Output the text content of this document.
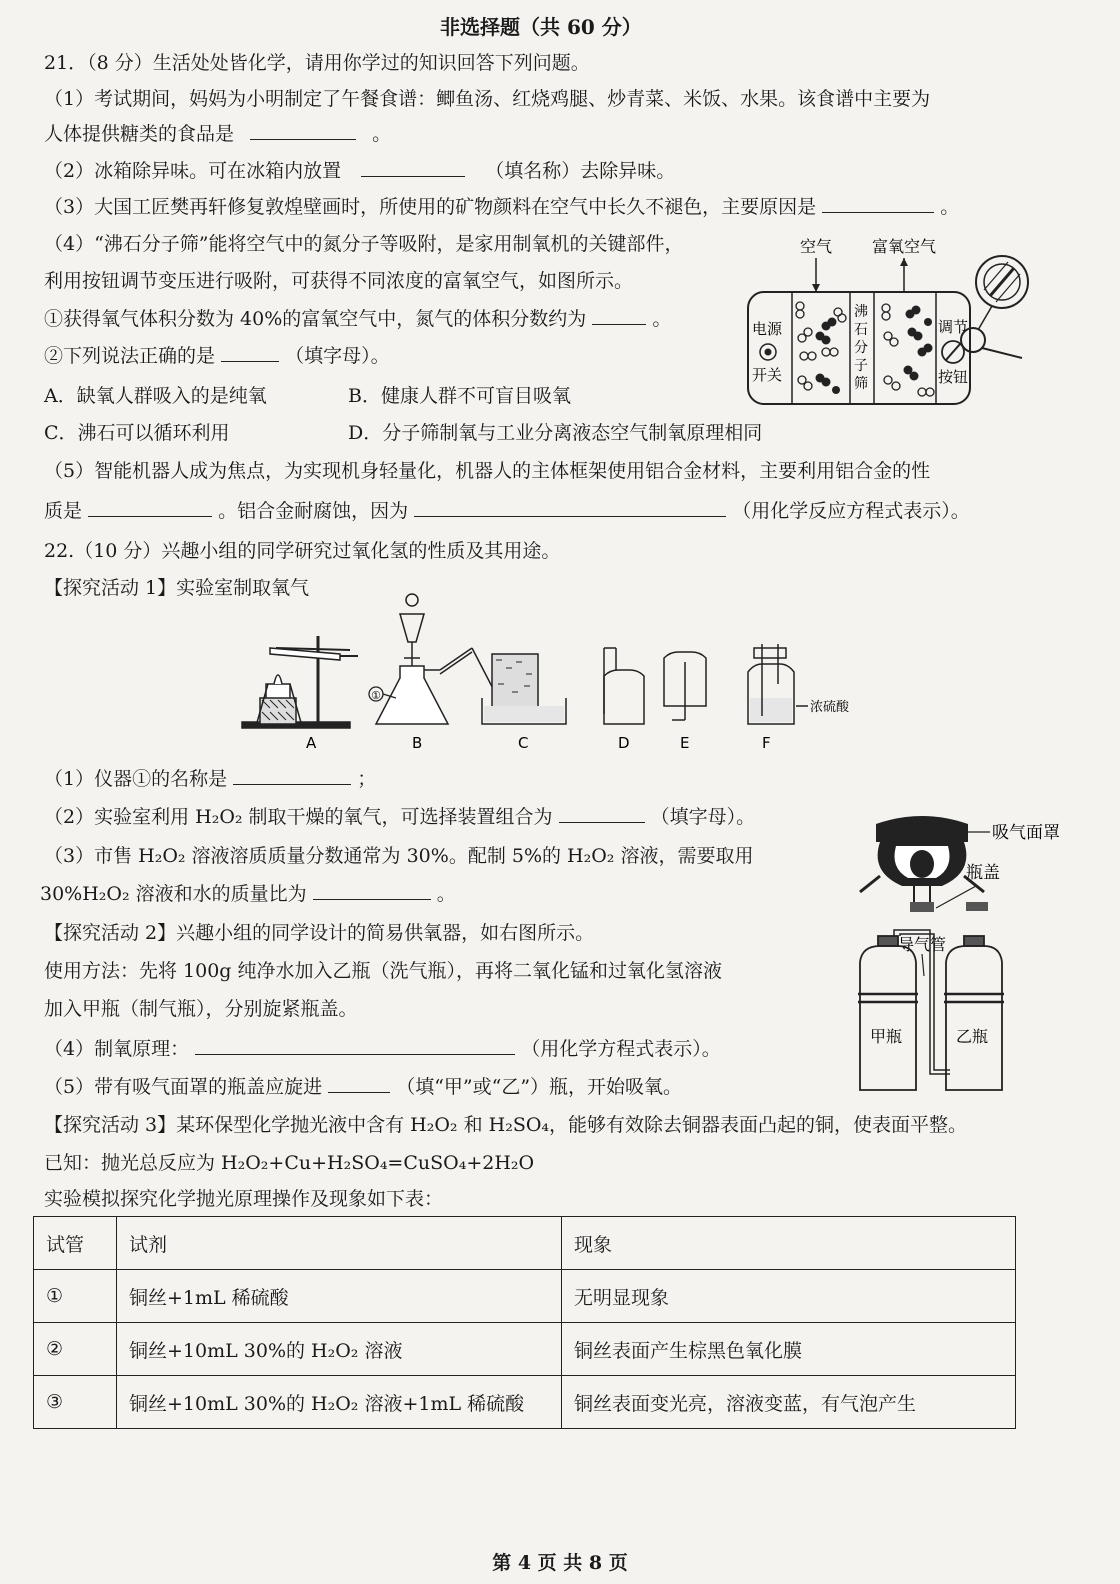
非选择题（共 60 分）
21．（8 分）生活处处皆化学，请用你学过的知识回答下列问题。
（1）考试期间，妈妈为小明制定了午餐食谱：鲫鱼汤、红烧鸡腿、炒青菜、米饭、水果。该食谱中主要为
人体提供糖类的食品是	。
（2）冰箱除异味。可在冰箱内放置	（填名称）去除异味。
（3）大国工匠樊再轩修复敦煌壁画时，所使用的矿物颜料在空气中长久不褪色，主要原因是	。
（4）“沸石分子筛”能将空气中的氮分子等吸附，是家用制氧机的关键部件，
利用按钮调节变压进行吸附，可获得不同浓度的富氧空气，如图所示。
①获得氧气体积分数为 40%的富氧空气中，氮气的体积分数约为	。
②下列说法正确的是	（填字母）。
A．缺氧人群吸入的是纯氧	B．健康人群不可盲目吸氧
C．沸石可以循环利用	D．分子筛制氧与工业分离液态空气制氧原理相同
（5）智能机器人成为焦点，为实现机身轻量化，机器人的主体框架使用铝合金材料，主要利用铝合金的性
质是	。铝合金耐腐蚀，因为	（用化学反应方程式表示）。
空气 富氧空气
电源
开关
沸
石
分
子
筛
调节
按钮
22.（10 分）兴趣小组的同学研究过氧化氢的性质及其用途。
【探究活动 1】实验室制取氧气
A
①
B	C	D	E
浓硫酸
F
（1）仪器①的名称是	；
（2）实验室利用 H₂O₂ 制取干燥的氧气，可选择装置组合为	（填字母）。
（3）市售 H₂O₂ 溶液溶质质量分数通常为 30%。配制 5%的 H₂O₂ 溶液，需要取用
30%H₂O₂ 溶液和水的质量比为	。
【探究活动 2】兴趣小组的同学设计的简易供氧器，如右图所示。
使用方法：先将 100g 纯净水加入乙瓶（洗气瓶），再将二氧化锰和过氧化氢溶液
加入甲瓶（制气瓶），分别旋紧瓶盖。
（4）制氧原理：	（用化学方程式表示）。
（5）带有吸气面罩的瓶盖应旋进	（填“甲”或“乙”）瓶，开始吸氧。
吸气面罩
瓶盖
导气管
甲瓶	乙瓶
【探究活动 3】某环保型化学抛光液中含有 H₂O₂ 和 H₂SO₄，能够有效除去铜器表面凸起的铜，使表面平整。
已知：抛光总反应为 H₂O₂+Cu+H₂SO₄=CuSO₄+2H₂O
实验模拟探究化学抛光原理操作及现象如下表：
试管	试剂	现象
①	铜丝+1mL 稀硫酸	无明显现象
②	铜丝+10mL 30%的 H₂O₂ 溶液	铜丝表面产生棕黑色氧化膜
③	铜丝+10mL 30%的 H₂O₂ 溶液+1mL 稀硫酸	铜丝表面变光亮，溶液变蓝，有气泡产生
第 4 页 共 8 页
